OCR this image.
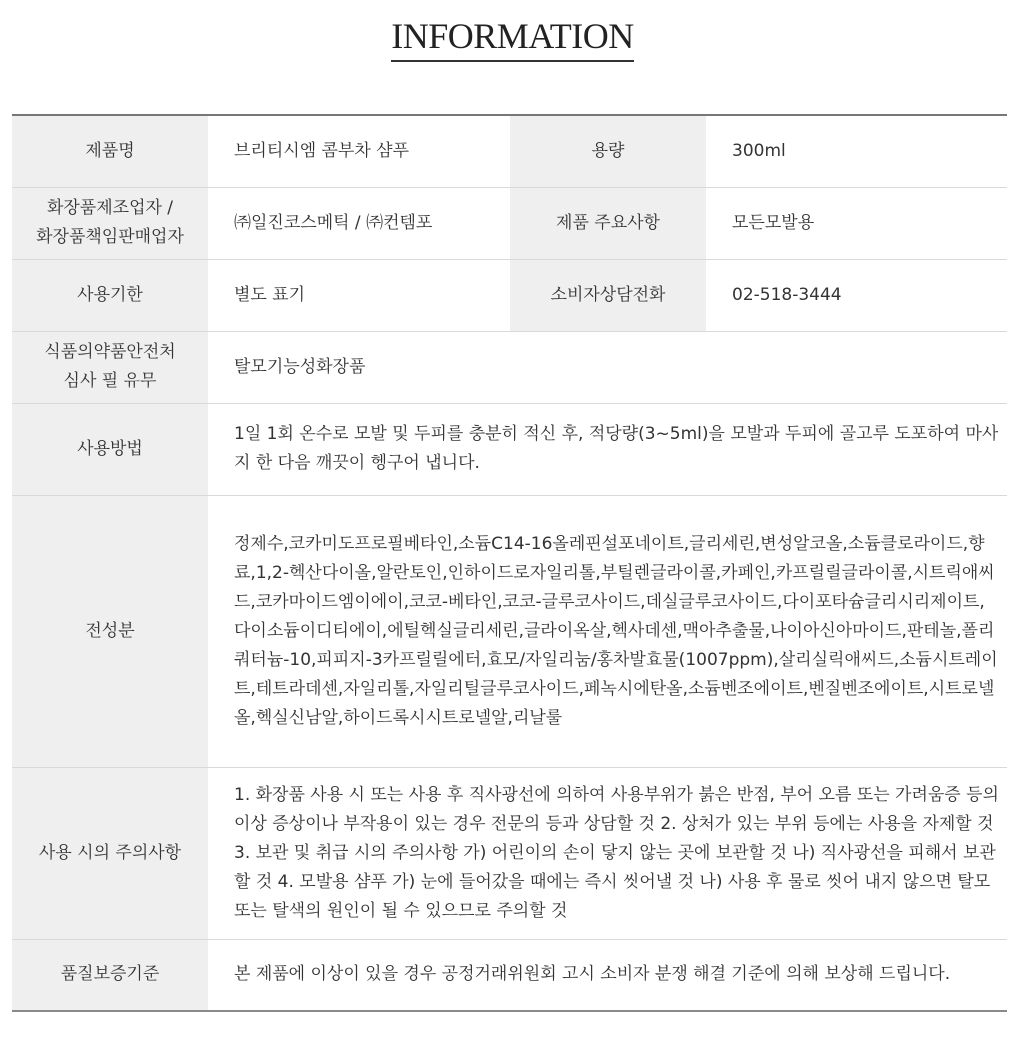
INFORMATION
제품명	브리티시엠 콤부차 샴푸	용량	300ml

화장품제조업자 /
화장품책임판매업자	㈜일진코스메틱 / ㈜컨템포	제품 주요사항	모든모발용
사용기한	별도 표기	소비자상담전화	02-518-3444

식품의약품안전처
심사 필 유무	탈모기능성화장품		
사용방법	1일 1회 온수로 모발 및 두피를 충분히 적신 후, 적당량(3~5ml)을 모발과 두피에 골고루 도포하여 마사지 한 다음 깨끗이 헹구어 냅니다.		
전성분	정제수,코카미도프로필베타인,소듐C14-16올레핀설포네이트,글리세린,변성알코올,소듐클로라이드,향료,1,2-헥산다이올,알란토인,인하이드로자일리톨,부틸렌글라이콜,카페인,카프릴릴글라이콜,시트릭애씨드,코카마이드엠이에이,코코-베타인,코코-글루코사이드,데실글루코사이드,다이포타슘글리시리제이트,다이소듐이디티에이,에틸헥실글리세린,글라이옥살,헥사데센,맥아추출물,나이아신아마이드,판테놀,폴리쿼터늄-10,피피지-3카프릴릴에터,효모/자일리눔/홍차발효물(1007ppm),살리실릭애씨드,소듐시트레이트,테트라데센,자일리톨,자일리틸글루코사이드,페녹시에탄올,소듐벤조에이트,벤질벤조에이트,시트로넬올,헥실신남알,하이드록시시트로넬알,리날룰		
사용 시의 주의사항	1. 화장품 사용 시 또는 사용 후 직사광선에 의하여 사용부위가 붉은 반점, 부어 오름 또는 가려움증 등의 이상 증상이나 부작용이 있는 경우 전문의 등과 상담할 것 2. 상처가 있는 부위 등에는 사용을 자제할 것 3. 보관 및 취급 시의 주의사항 가) 어린이의 손이 닿지 않는 곳에 보관할 것 나) 직사광선을 피해서 보관할 것 4. 모발용 샴푸 가) 눈에 들어갔을 때에는 즉시 씻어낼 것 나) 사용 후 물로 씻어 내지 않으면 탈모 또는 탈색의 원인이 될 수 있으므로 주의할 것		
품질보증기준	본 제품에 이상이 있을 경우 공정거래위원회 고시 소비자 분쟁 해결 기준에 의해 보상해 드립니다.		
